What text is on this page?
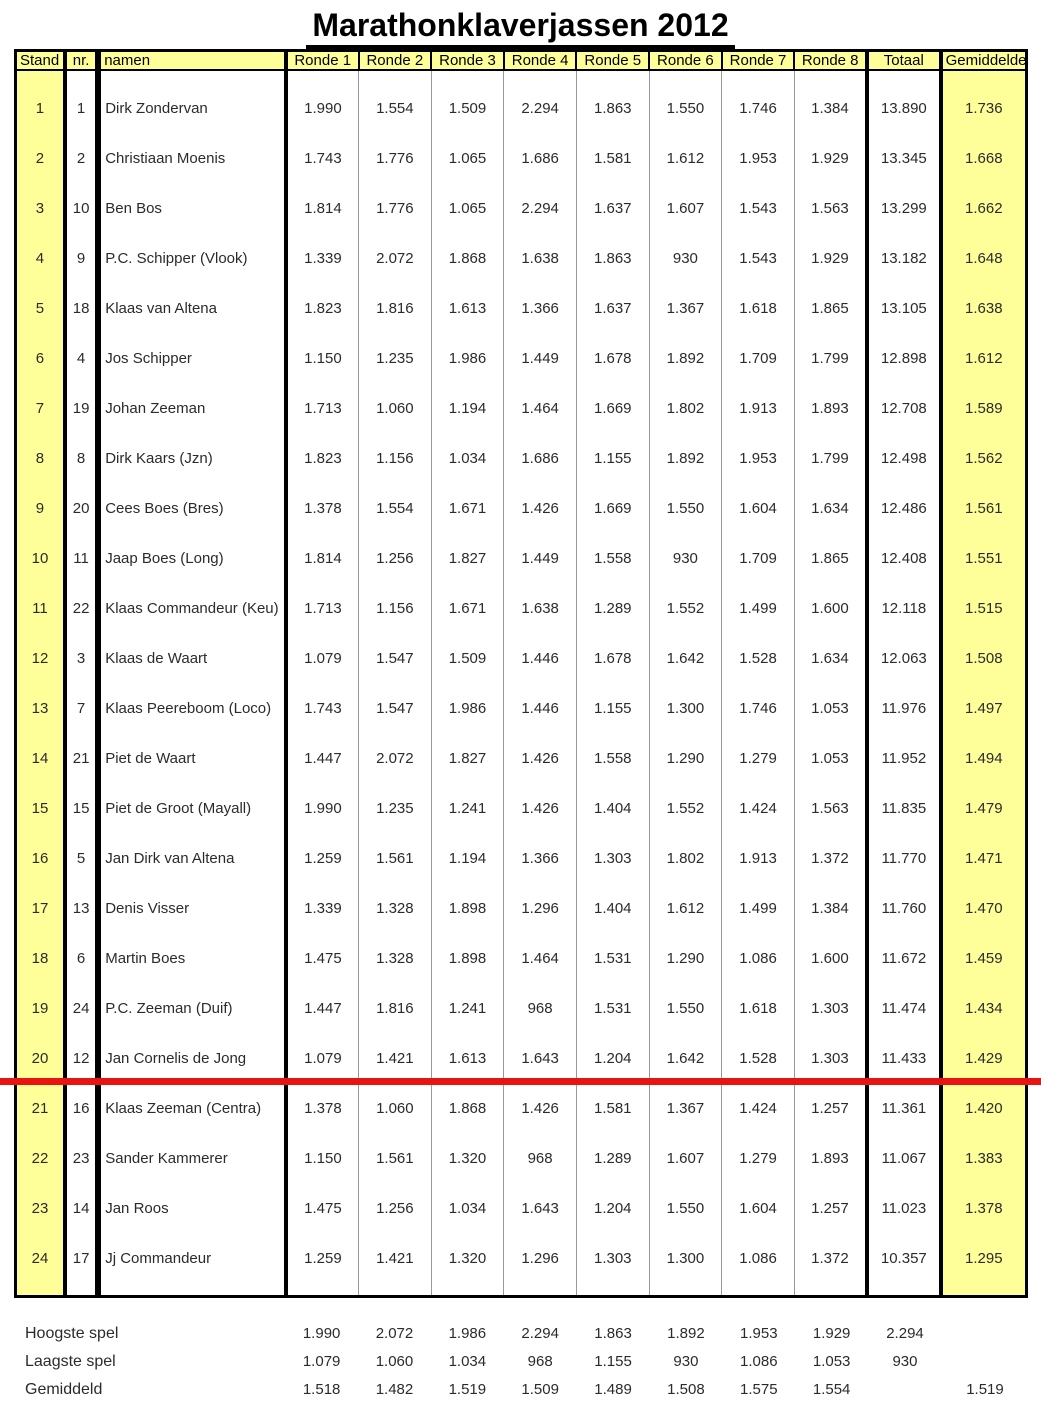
Marathonklaverjassen 2012
Stand	nr.	namen	Ronde 1	Ronde 2	Ronde 3	Ronde 4	Ronde 5	Ronde 6	Ronde 7	Ronde 8	Totaal	Gemiddelde

1	1	Dirk Zondervan	1.990	1.554	1.509	2.294	1.863	1.550	1.746	1.384	13.890	1.736
2	2	Christiaan Moenis	1.743	1.776	1.065	1.686	1.581	1.612	1.953	1.929	13.345	1.668
3	10	Ben Bos	1.814	1.776	1.065	2.294	1.637	1.607	1.543	1.563	13.299	1.662
4	9	P.C. Schipper (Vlook)	1.339	2.072	1.868	1.638	1.863	930	1.543	1.929	13.182	1.648
5	18	Klaas van Altena	1.823	1.816	1.613	1.366	1.637	1.367	1.618	1.865	13.105	1.638
6	4	Jos Schipper	1.150	1.235	1.986	1.449	1.678	1.892	1.709	1.799	12.898	1.612
7	19	Johan Zeeman	1.713	1.060	1.194	1.464	1.669	1.802	1.913	1.893	12.708	1.589
8	8	Dirk Kaars (Jzn)	1.823	1.156	1.034	1.686	1.155	1.892	1.953	1.799	12.498	1.562
9	20	Cees Boes (Bres)	1.378	1.554	1.671	1.426	1.669	1.550	1.604	1.634	12.486	1.561
10	11	Jaap Boes (Long)	1.814	1.256	1.827	1.449	1.558	930	1.709	1.865	12.408	1.551
11	22	Klaas Commandeur (Keu)	1.713	1.156	1.671	1.638	1.289	1.552	1.499	1.600	12.118	1.515
12	3	Klaas de Waart	1.079	1.547	1.509	1.446	1.678	1.642	1.528	1.634	12.063	1.508
13	7	Klaas Peereboom (Loco)	1.743	1.547	1.986	1.446	1.155	1.300	1.746	1.053	11.976	1.497
14	21	Piet de Waart	1.447	2.072	1.827	1.426	1.558	1.290	1.279	1.053	11.952	1.494
15	15	Piet de Groot (Mayall)	1.990	1.235	1.241	1.426	1.404	1.552	1.424	1.563	11.835	1.479
16	5	Jan Dirk van Altena	1.259	1.561	1.194	1.366	1.303	1.802	1.913	1.372	11.770	1.471
17	13	Denis Visser	1.339	1.328	1.898	1.296	1.404	1.612	1.499	1.384	11.760	1.470
18	6	Martin Boes	1.475	1.328	1.898	1.464	1.531	1.290	1.086	1.600	11.672	1.459
19	24	P.C. Zeeman (Duif)	1.447	1.816	1.241	968	1.531	1.550	1.618	1.303	11.474	1.434
20	12	Jan Cornelis de Jong	1.079	1.421	1.613	1.643	1.204	1.642	1.528	1.303	11.433	1.429
21	16	Klaas Zeeman (Centra)	1.378	1.060	1.868	1.426	1.581	1.367	1.424	1.257	11.361	1.420
22	23	Sander Kammerer	1.150	1.561	1.320	968	1.289	1.607	1.279	1.893	11.067	1.383
23	14	Jan Roos	1.475	1.256	1.034	1.643	1.204	1.550	1.604	1.257	11.023	1.378
24	17	Jj Commandeur	1.259	1.421	1.320	1.296	1.303	1.300	1.086	1.372	10.357	1.295

Hoogste spel	1.990	2.072	1.986	2.294	1.863	1.892	1.953	1.929	2.294	
Laagste spel	1.079	1.060	1.034	968	1.155	930	1.086	1.053	930	
Gemiddeld	1.518	1.482	1.519	1.509	1.489	1.508	1.575	1.554		1.519
